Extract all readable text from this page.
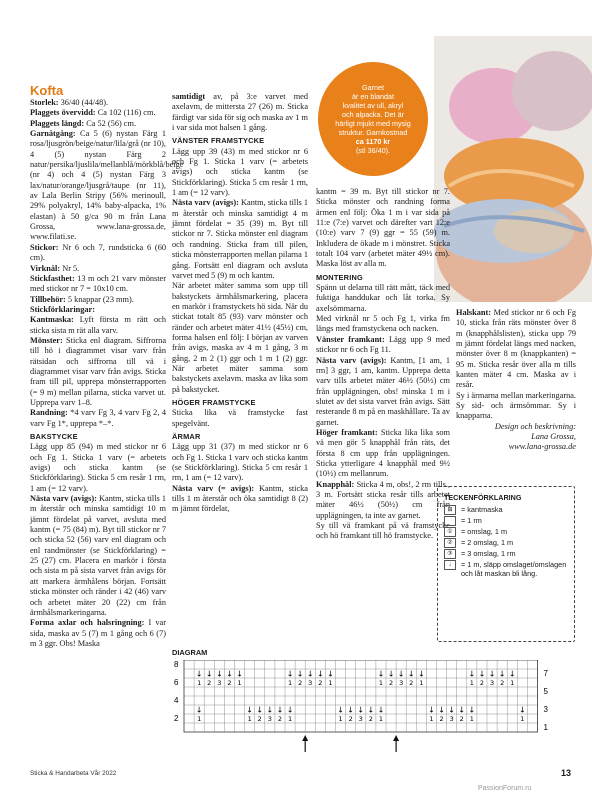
Garnet
är en blandat
kvalitet av ull, akryl
och alpacka. Det är
härligt mjukt med mysig
struktur. Garnkostnad
ca 1170 kr
(stl 36/40).
Kofta

Storlek: 36/40 (44/48).

Plaggets övervidd: Ca 102 (116) cm.

Plaggets längd: Ca 52 (56) cm.

Garnåtgång: Ca 5 (6) nystan Färg 1 rosa/ljusgrön/beige/natur/lila/grå (nr 10), 4 (5) nystan Färg 2 natur/persika/ljuslila/mellanblå/mörkblå/beige (nr 4) och 4 (5) nystan Färg 3 lax/natur/orange/ljusgrå/taupe (nr 11), av Lala Berlin Stripy (56% merinoull, 29% polyakryl, 14% baby-alpacka, 1% elastan) à 50 g/ca 90 m från Lana Grossa, www.lana-grossa.de, www.filati.se.

Stickor: Nr 6 och 7, rundsticka 6 (60 cm).

Virknål: Nr 5.

Stickfasthet: 13 m och 21 varv mönster med stickor nr 7 = 10x10 cm.

Tillbehör: 5 knappar (23 mm).

Stickförklaringar:

Kantmaska: Lyft första m rätt och sticka sista m rät alla varv.

Mönster: Sticka enl diagram. Siffrorna till hö i diagrammet visar varv från rätsidan och siffrorna till vä i diagrammet visar varv från avigs. Sticka fram till pil, upprepa mönsterrapporten (= 9 m) mellan pilarna, sticka varvet ut. Upprepa varv 1–8.

Randning: *4 varv Fg 3, 4 varv Fg 2, 4 varv Fg 1*, upprepa *–*.

BAKSTYCKE

Lägg upp 85 (94) m med stickor nr 6 och Fg 1. Sticka 1 varv (= arbetets avigs) och sticka kantm (se Stickförklaring). Sticka 5 cm resår 1 rm, 1 am (= 12 varv).

Nästa varv (avigs): Kantm, sticka tills 1 m återstår och minska samtidigt 10 m jämnt fördelat på varvet, avsluta med kantm (= 75 (84) m). Byt till stickor nr 7 och sticka 52 (56) varv enl diagram och enl randmönster (se Stickförklaring) = 25 (27) cm. Placera en markör i första och sista m på sista varvet från avigs för att markera ärmhålens början. Fortsätt sticka mönster och ränder i 42 (46) varv och arbetet mäter 20 (22) cm från ärmhålsmarkeringarna.

Forma axlar och halsringning: I var sida, maska av 5 (7) m 1 gång och 6 (7) m 3 ggr. Obs! Maska

samtidigt av, på 3:e varvet med axelavm, de mittersta 27 (26) m. Sticka färdigt var sida för sig och maska av 1 m i var sida mot halsen 1 gång.

VÄNSTER FRAMSTYCKE

Lägg upp 39 (43) m med stickor nr 6 och Fg 1. Sticka 1 varv (= arbetets avigs) och sticka kantm (se Stickförklaring). Sticka 5 cm resår 1 rm, 1 am (= 12 varv).

Nästa varv (avigs): Kantm, sticka tills 1 m återstår och minska samtidigt 4 m jämnt fördelat = 35 (39) m. Byt till stickor nr 7. Sticka mönster enl diagram och randning. Sticka fram till pilen, sticka mönsterrapporten mellan pilarna 1 gång. Fortsätt enl diagram och avsluta varvet med 5 (9) m och kantm.

När arbetet mäter samma som upp till bakstyckets ärmhålsmarkering, placera en markör i framstyckets hö sida. När du stickat totalt 85 (93) varv mönster och ränder och arbetet mäter 41½ (45½) cm, forma halsen enl följ: I början av varven från avigs, maska av 4 m 1 gång, 3 m gång, 2 m 2 (1) ggr och 1 m 1 (2) ggr. När arbetet mäter samma som bakstyckets axelavm. maska av lika som på bakstycket.

HÖGER FRAMSTYCKE

Sticka lika vä framstycke fast spegelvänt.

ÄRMAR

Lägg upp 31 (37) m med stickor nr 6 och Fg 1. Sticka 1 varv och sticka kantm (se Stickförklaring). Sticka 5 cm resår 1 rm, 1 am (= 12 varv).

Nästa varv (= avigs): Kantm, sticka tills 1 m återstår och öka samtidigt 8 (2) m jämnt fördelat,

kantm = 39 m. Byt till stickor nr 7. Sticka mönster och randning forma ärmen enl följ: Öka 1 m i var sida på 11:e (7:e) varvet och därefter vart 12:e (10:e) varv 7 (9) ggr = 55 (59) m. Inkludera de ökade m i mönstret. Sticka totalt 104 varv (arbetet mäter 49½ cm). Maska löst av alla m.

MONTERING

Spänn ut delarna till rätt mått, täck med fuktiga handdukar och låt torka. Sy axelsömmarna.

Med virknål nr 5 och Fg 1, virka fm längs med framstyckena och nacken.

Vänster framkant: Lägg upp 9 med stickor nr 6 och Fg 11.

Nästa varv (avigs): Kantm, [1 am, 1 rm] 3 ggr, 1 am, kantm. Upprepa detta varv tills arbetet mäter 46½ (50½) cm från upplägningen, obs! minska 1 m i slutet av det sista varvet från avigs. Sätt resterande 8 m på en maskhållare. Ta av garnet.

Höger framkant: Sticka lika lika som vä men gör 5 knapphål från räts, det första 8 cm upp från upplägningen. Sticka ytterligare 4 knapphål med 9½ (10½) cm mellanrum.

Knapphål: Sticka 4 m, obs!, 2 rm tills., 3 m. Fortsätt sticka resår tills arbetet mäter 46½ (50½) cm från upplägningen, ta inte av garnet.

Sy till vä framkant på vä framstycke och hö framkant till hö framstycke.

Halskant: Med stickor nr 6 och Fg 10, sticka från räts mönster över 8 m (knapphålslisten), sticka upp 79 m jämnt fördelat längs med nacken, mönster över 8 m (knappkanten) = 95 m. Sticka resår över alla m tills kanten mäter 4 cm. Maska av i resår.

Sy i ärmarna mellan markeringarna. Sy sid- och ärmsömmar. Sy i knapparna.

Design och beskrivning:
Lana Grossa,
www.lana-grossa.de
TECKENFÖRKLARING
⊞	= kantmaska
= 1 rm
①	= omslag, 1 m
②	= 2 omslag, 1 m
③	= 3 omslag, 1 rm
↓	= 1 m, släpp omslaget/omslagen och låt maskan bli lång.
DIAGRAM
↓
↓
1
1
↓
2
↓
3
↓
2
↓
1
↓
1
↓
2
↓
3
↓
2
↓
↓
1
1
↓
2
↓
3
↓
2
↓
1
↓
1
↓
2
↓
3
↓
2
↓
↓
1
1
↓
2
↓
3
↓
2
↓
1
↓
1
↓
2
↓
3
↓
2
↓
↓
1
1
↓
2
↓
3
↓
2
↓
1
↓
1
8
6
4
2
7
5
3
1
Sticka & Handarbeta Vår 2022	13
PassionForum.ru
